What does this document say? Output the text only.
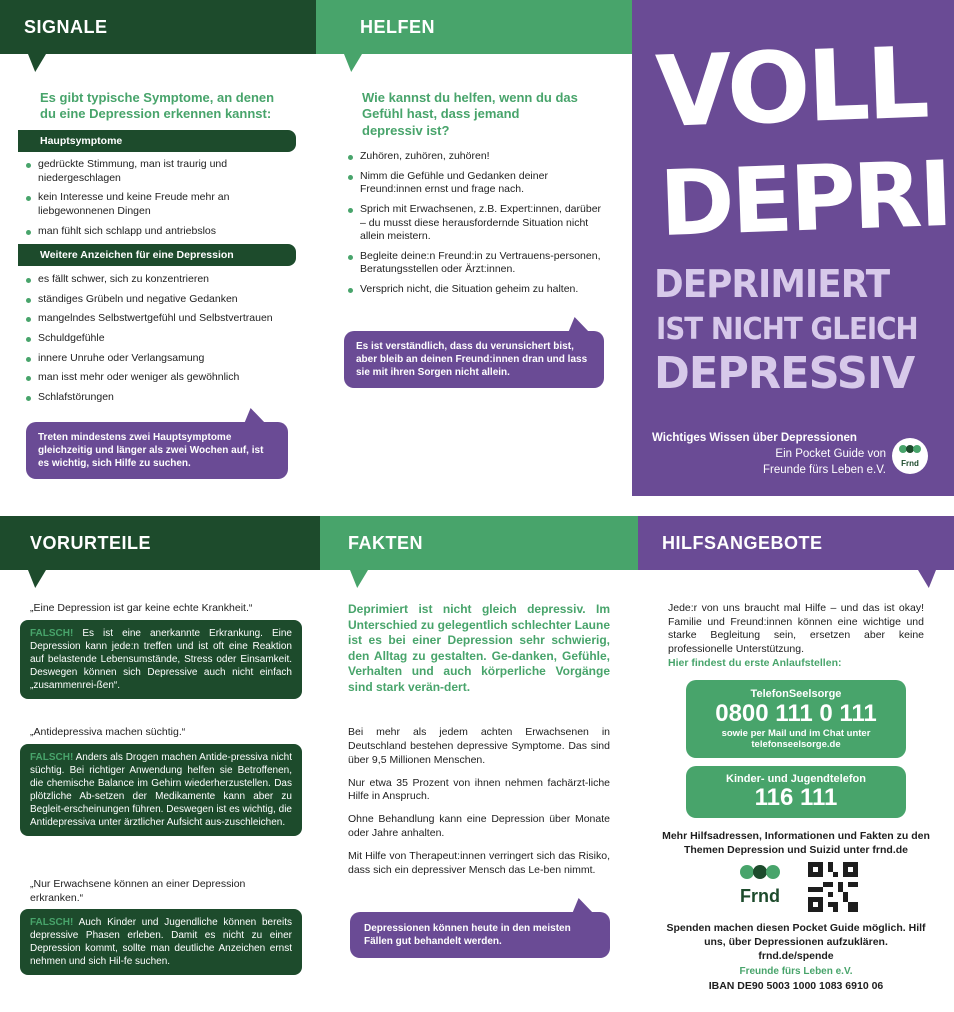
SIGNALE
Es gibt typische Symptome, an denen du eine Depression erkennen kannst:
Hauptsymptome
gedrückte Stimmung, man ist traurig und niedergeschlagen
kein Interesse und keine Freude mehr an liebgewonnenen Dingen
man fühlt sich schlapp und antriebslos
Weitere Anzeichen für eine Depression
es fällt schwer, sich zu konzentrieren
ständiges Grübeln und negative Gedanken
mangelndes Selbstwertgefühl und Selbstvertrauen
Schuldgefühle
innere Unruhe oder Verlangsamung
man isst mehr oder weniger als gewöhnlich
Schlafstörungen
Treten mindestens zwei Hauptsymptome gleichzeitig und länger als zwei Wochen auf, ist es wichtig, sich Hilfe zu suchen.
HELFEN
Wie kannst du helfen, wenn du das Gefühl hast, dass jemand depressiv ist?
Zuhören, zuhören, zuhören!
Nimm die Gefühle und Gedanken deiner Freund:innen ernst und frage nach.
Sprich mit Erwachsenen, z.B. Expert:innen, darüber – du musst diese herausfordernde Situation nicht allein meistern.
Begleite deine:n Freund:in zu Vertrauens-personen, Beratungsstellen oder Ärzt:innen.
Versprich nicht, die Situation geheim zu halten.
Es ist verständlich, dass du verunsichert bist, aber bleib an deinen Freund:innen dran und lass sie mit ihren Sorgen nicht allein.
VOLL
DEPRI
DEPRIMIERT
IST NICHT GLEICH
DEPRESSIV
Wichtiges Wissen über Depressionen
Ein Pocket Guide von
Freunde fürs Leben e.V.
Frnd
VORURTEILE
„Eine Depression ist gar keine echte Krankheit.“
FALSCH! Es ist eine anerkannte Erkrankung. Eine Depression kann jede:n treffen und ist oft eine Reaktion auf belastende Lebensumstände, Stress oder Einsamkeit. Deswegen können sich Depressive auch nicht einfach „zusammenrei-ßen“.
„Antidepressiva machen süchtig.“
FALSCH! Anders als Drogen machen Antide-pressiva nicht süchtig. Bei richtiger Anwendung helfen sie Betroffenen, die chemische Balance im Gehirn wiederherzustellen. Das plötzliche Ab-setzen der Medikamente kann aber zu Begleit-erscheinungen führen. Deswegen ist es wichtig, die Antidepressiva unter ärztlicher Aufsicht aus-zuschleichen.
„Nur Erwachsene können an einer Depression erkranken.“
FALSCH! Auch Kinder und Jugendliche können bereits depressive Phasen erleben. Damit es nicht zu einer Depression kommt, sollte man deutliche Anzeichen ernst nehmen und sich Hil-fe suchen.
FAKTEN
Deprimiert ist nicht gleich depressiv. Im Unterschied zu gelegentlich schlechter Laune ist es bei einer Depression sehr schwierig, den Alltag zu gestalten. Ge-danken, Gefühle, Verhalten und auch körperliche Vorgänge sind stark verän-dert.

Bei mehr als jedem achten Erwachsenen in Deutschland bestehen depressive Symptome. Das sind über 9,5 Millionen Menschen.

Nur etwa 35 Prozent von ihnen nehmen fachärzt-liche Hilfe in Anspruch.

Ohne Behandlung kann eine Depression über Monate oder Jahre anhalten.

Mit Hilfe von Therapeut:innen verringert sich das Risiko, dass sich ein depressiver Mensch das Le-ben nimmt.

Depressionen können heute in den meisten Fällen gut behandelt werden.
HILFSANGEBOTE
Jede:r von uns braucht mal Hilfe – und das ist okay! Familie und Freund:innen können eine wichtige und starke Begleitung sein, ersetzen aber keine professionelle Unterstützung.
Hier findest du erste Anlaufstellen:
TelefonSeelsorge
0800 111 0 111
sowie per Mail und im Chat unter telefonseelsorge.de
Kinder- und Jugendtelefon
116 111
Mehr Hilfsadressen, Informationen und Fakten zu den Themen Depression und Suizid unter frnd.de
Frnd
Spenden machen diesen Pocket Guide möglich. Hilf uns, über Depressionen aufzuklären.
frnd.de/spende
Freunde fürs Leben e.V.
IBAN DE90 5003 1000 1083 6910 06
